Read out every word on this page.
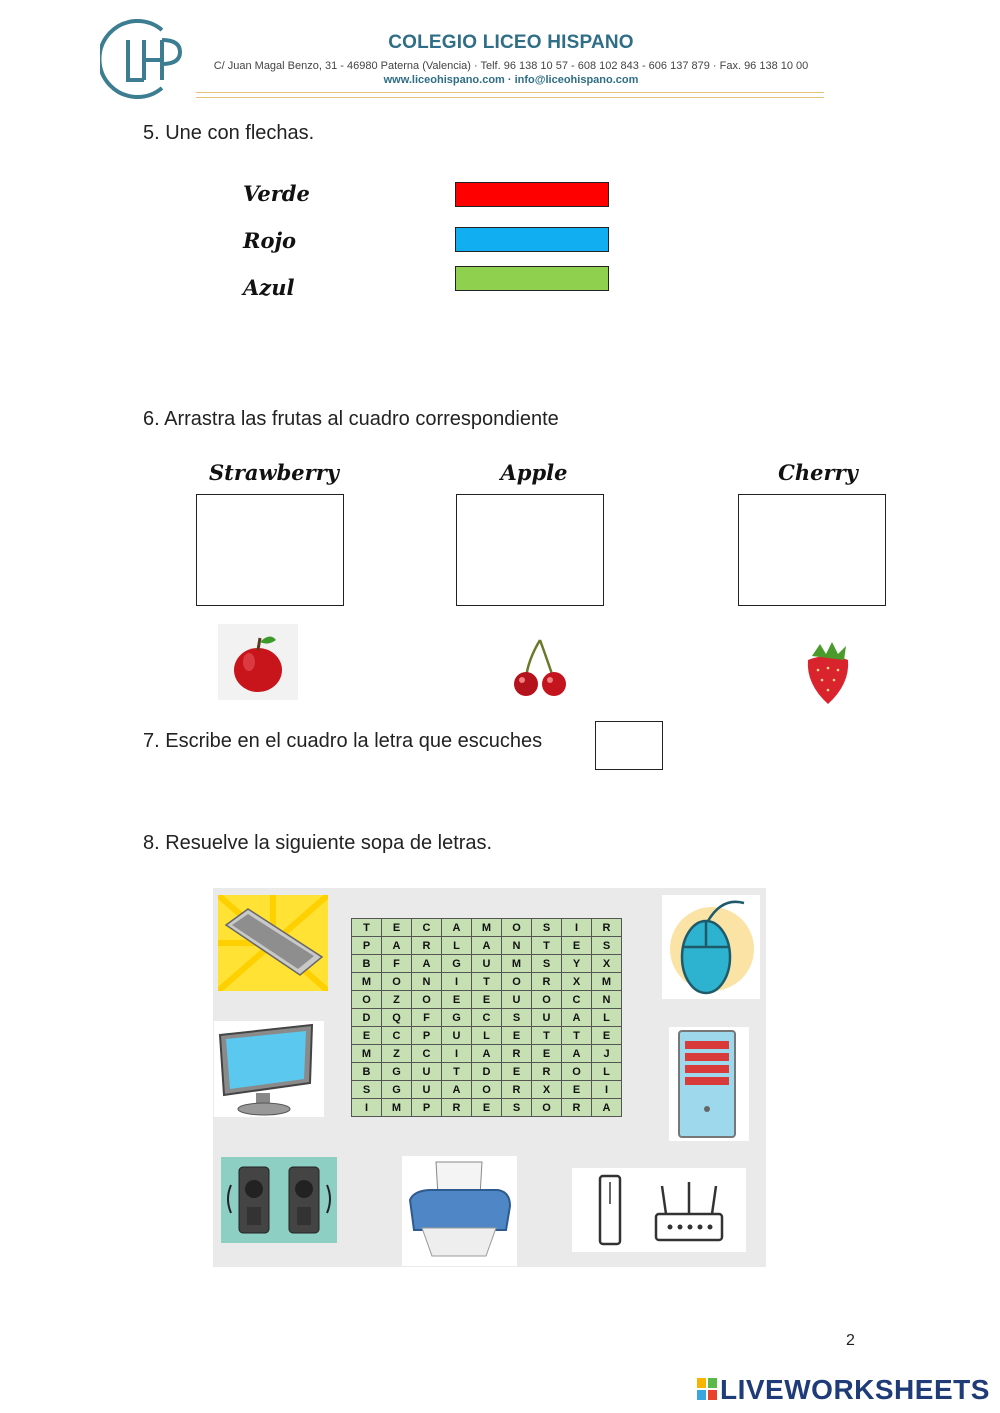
COLEGIO LICEO HISPANO
C/ Juan Magal Benzo, 31 - 46980 Paterna (Valencia) · Telf. 96 138 10 57 - 608 102 843 - 606 137 879 · Fax. 96 138 10 00
www.liceohispano.com · info@liceohispano.com
5. Une con flechas.
Verde
Rojo
Azul
6. Arrastra las frutas al cuadro correspondiente
Strawberry	Apple	Cherry
7. Escribe en el cuadro la letra que escuches
8. Resuelve la siguiente sopa de letras.
T	E	C	A	M	O	S	I	R
P	A	R	L	A	N	T	E	S
B	F	A	G	U	M	S	Y	X
M	O	N	I	T	O	R	X	M
O	Z	O	E	E	U	O	C	N
D	Q	F	G	C	S	U	A	L
E	C	P	U	L	E	T	T	E
M	Z	C	I	A	R	E	A	J
B	G	U	T	D	E	R	O	L
S	G	U	A	O	R	X	E	I
I	M	P	R	E	S	O	R	A
2
LIVEWORKSHEETS
